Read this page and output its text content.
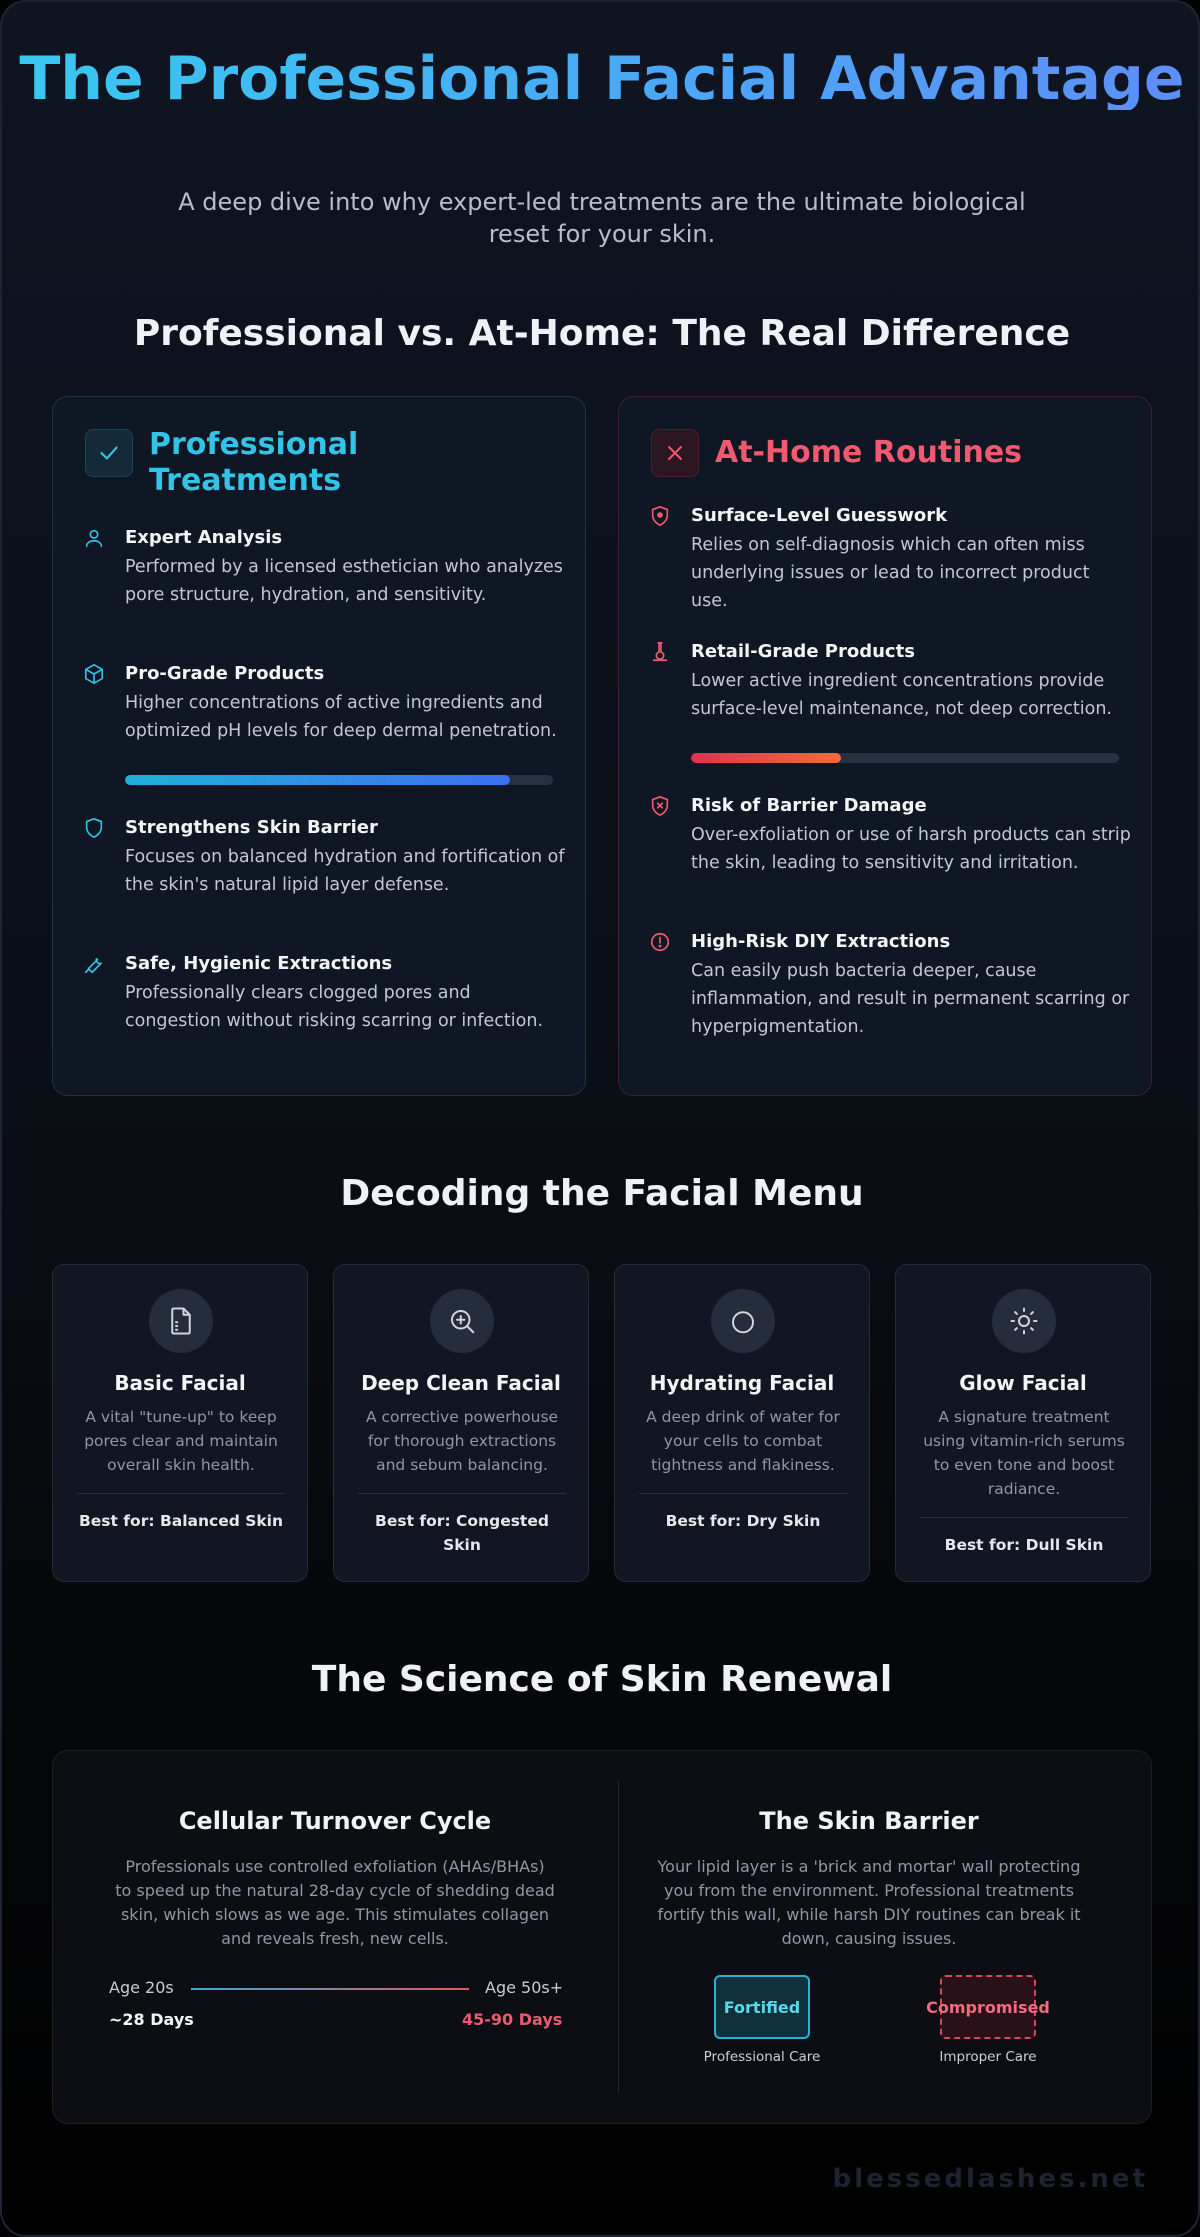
The Professional Facial Advantage
A deep dive into why expert-led treatments are the ultimate biological reset for your skin.
Professional vs. At-Home: The Real Difference
Professional Treatments
Expert Analysis
Performed by a licensed esthetician who analyzes pore structure, hydration, and sensitivity.
Pro-Grade Products
Higher concentrations of active ingredients and optimized pH levels for deep dermal penetration.
Strengthens Skin Barrier
Focuses on balanced hydration and fortification of the skin's natural lipid layer defense.
Safe, Hygienic Extractions
Professionally clears clogged pores and congestion without risking scarring or infection.
At-Home Routines
Surface-Level Guesswork
Relies on self-diagnosis which can often miss underlying issues or lead to incorrect product use.
Retail-Grade Products
Lower active ingredient concentrations provide surface-level maintenance, not deep correction.
Risk of Barrier Damage
Over-exfoliation or use of harsh products can strip the skin, leading to sensitivity and irritation.
High-Risk DIY Extractions
Can easily push bacteria deeper, cause inflammation, and result in permanent scarring or hyperpigmentation.
Decoding the Facial Menu
Basic Facial
A vital "tune-up" to keep pores clear and maintain overall skin health.
Best for: Balanced Skin
Deep Clean Facial
A corrective powerhouse for thorough extractions and sebum balancing.
Best for: Congested Skin
Hydrating Facial
A deep drink of water for your cells to combat tightness and flakiness.
Best for: Dry Skin
Glow Facial
A signature treatment using vitamin-rich serums to even tone and boost radiance.
Best for: Dull Skin
The Science of Skin Renewal
Cellular Turnover Cycle
Professionals use controlled exfoliation (AHAs/BHAs) to speed up the natural 28-day cycle of shedding dead skin, which slows as we age. This stimulates collagen and reveals fresh, new cells.
Age 20s	Age 50s+
~28 Days	45-90 Days
The Skin Barrier
Your lipid layer is a 'brick and mortar' wall protecting you from the environment. Professional treatments fortify this wall, while harsh DIY routines can break it down, causing issues.
Fortified	Compromised
Professional Care	Improper Care
blessedlashes.net
